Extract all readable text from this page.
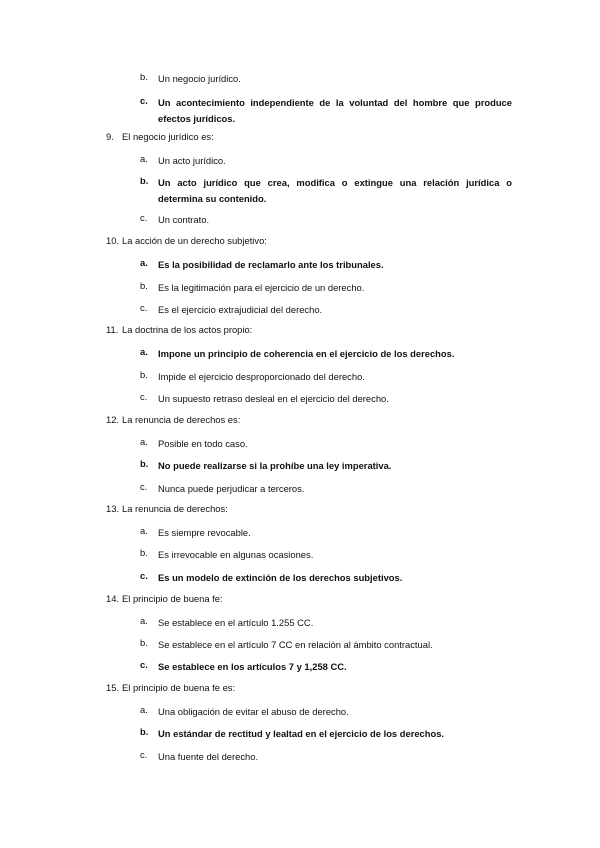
b. Un negocio jurídico.
c. Un acontecimiento independiente de la voluntad del hombre que produce efectos jurídicos.
9. El negocio jurídico es:
a. Un acto jurídico.
b. Un acto jurídico que crea, modifica o extingue una relación jurídica o determina su contenido.
c. Un contrato.
10. La acción de un derecho subjetivo:
a. Es la posibilidad de reclamarlo ante los tribunales.
b. Es la legitimación para el ejercicio de un derecho.
c. Es el ejercicio extrajudicial del derecho.
11. La doctrina de los actos propio:
a. Impone un principio de coherencia en el ejercicio de los derechos.
b. Impide el ejercicio desproporcionado del derecho.
c. Un supuesto retraso desleal en el ejercicio del derecho.
12. La renuncia de derechos es:
a. Posible en todo caso.
b. No puede realizarse si la prohíbe una ley imperativa.
c. Nunca puede perjudicar a terceros.
13. La renuncia de derechos:
a. Es siempre revocable.
b. Es irrevocable en algunas ocasiones.
c. Es un modelo de extinción de los derechos subjetivos.
14. El principio de buena fe:
a. Se establece en el artículo 1.255 CC.
b. Se establece en el artículo 7 CC en relación al ámbito contractual.
c. Se establece en los artículos 7 y 1,258 CC.
15. El principio de buena fe es:
a. Una obligación de evitar el abuso de derecho.
b. Un estándar de rectitud y lealtad en el ejercicio de los derechos.
c. Una fuente del derecho.
